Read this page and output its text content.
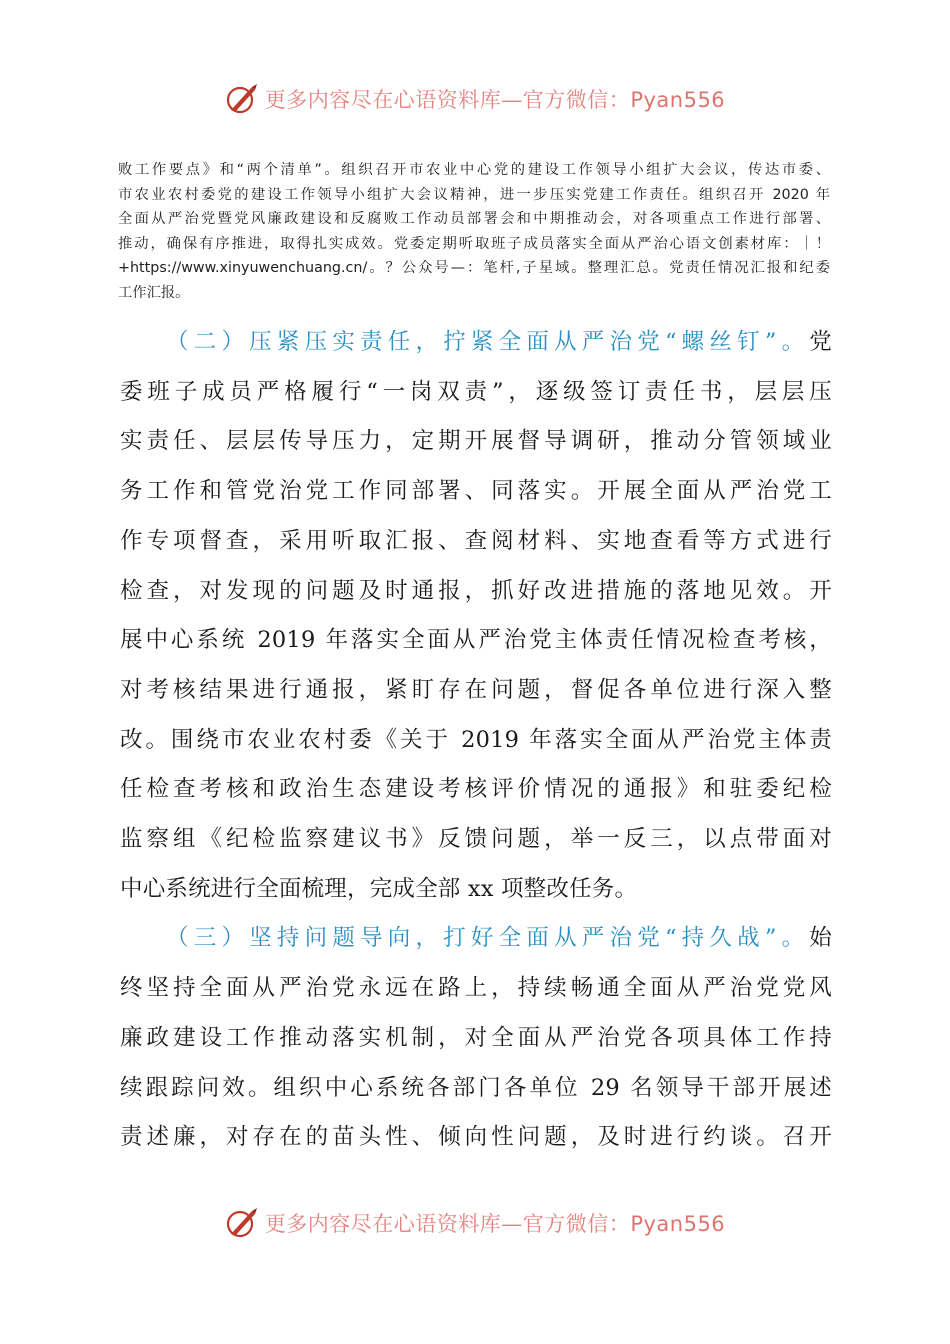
更多内容尽在心语资料库—官方微信：Pyan556
败工作要点》和“两个清单”。组织召开市农业中心党的建设工作领导小组扩大会议，传达市委、
市农业农村委党的建设工作领导小组扩大会议精神，进一步压实党建工作责任。组织召开 2020 年
全面从严治党暨党风廉政建设和反腐败工作动员部署会和中期推动会，对各项重点工作进行部署、
推动，确保有序推进，取得扎实成效。党委定期听取班子成员落实全面从严治心语文创素材库：｜！
+https://www.xinyuwenchuang.cn/。？公众号—：笔杆,子星域。整理汇总。党责任情况汇报和纪委
工作汇报。
（二）压紧压实责任，拧紧全面从严治党“螺丝钉”。党
委班子成员严格履行“一岗双责”，逐级签订责任书，层层压
实责任、层层传导压力，定期开展督导调研，推动分管领域业
务工作和管党治党工作同部署、同落实。开展全面从严治党工
作专项督查，采用听取汇报、查阅材料、实地查看等方式进行
检查，对发现的问题及时通报，抓好改进措施的落地见效。开
展中心系统 2019 年落实全面从严治党主体责任情况检查考核，
对考核结果进行通报，紧盯存在问题，督促各单位进行深入整
改。围绕市农业农村委《关于 2019 年落实全面从严治党主体责
任检查考核和政治生态建设考核评价情况的通报》和驻委纪检
监察组《纪检监察建议书》反馈问题，举一反三，以点带面对
中心系统进行全面梳理，完成全部 xx 项整改任务。
（三）坚持问题导向，打好全面从严治党“持久战”。始
终坚持全面从严治党永远在路上，持续畅通全面从严治党党风
廉政建设工作推动落实机制，对全面从严治党各项具体工作持
续跟踪问效。组织中心系统各部门各单位 29 名领导干部开展述
责述廉，对存在的苗头性、倾向性问题，及时进行约谈。召开
更多内容尽在心语资料库—官方微信：Pyan556
